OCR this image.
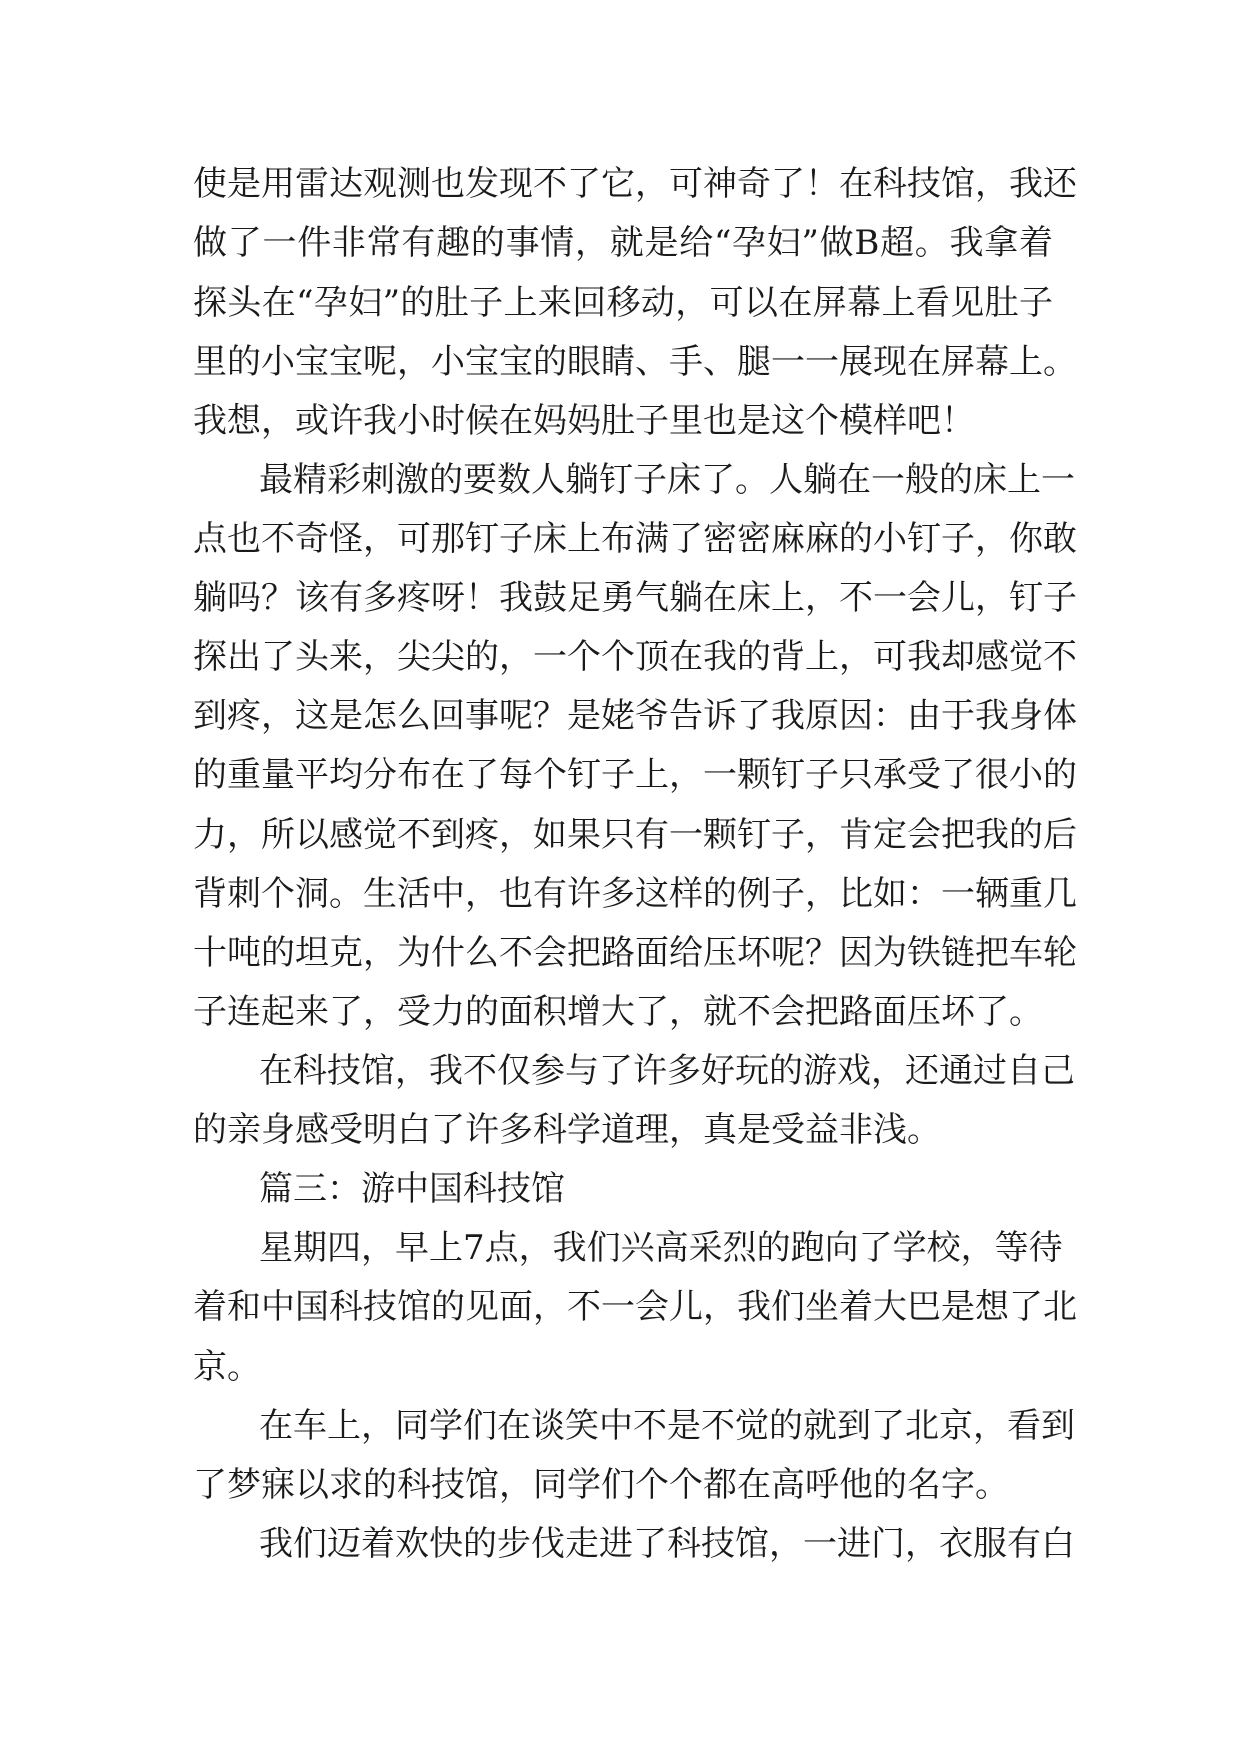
使是用雷达观测也发现不了它，可神奇了！在科技馆，我还
做了一件非常有趣的事情，就是给“孕妇”做B超。我拿着
探头在“孕妇”的肚子上来回移动，可以在屏幕上看见肚子
里的小宝宝呢，小宝宝的眼睛、手、腿一一展现在屏幕上。
我想，或许我小时候在妈妈肚子里也是这个模样吧！
最精彩刺激的要数人躺钉子床了。人躺在一般的床上一
点也不奇怪，可那钉子床上布满了密密麻麻的小钉子，你敢
躺吗？该有多疼呀！我鼓足勇气躺在床上，不一会儿，钉子
探出了头来，尖尖的，一个个顶在我的背上，可我却感觉不
到疼，这是怎么回事呢？是姥爷告诉了我原因：由于我身体
的重量平均分布在了每个钉子上，一颗钉子只承受了很小的
力，所以感觉不到疼，如果只有一颗钉子，肯定会把我的后
背刺个洞。生活中，也有许多这样的例子，比如：一辆重几
十吨的坦克，为什么不会把路面给压坏呢？因为铁链把车轮
子连起来了，受力的面积增大了，就不会把路面压坏了。
在科技馆，我不仅参与了许多好玩的游戏，还通过自己
的亲身感受明白了许多科学道理，真是受益非浅。
篇三：游中国科技馆
星期四，早上7点，我们兴高采烈的跑向了学校，等待
着和中国科技馆的见面，不一会儿，我们坐着大巴是想了北
京。
在车上，同学们在谈笑中不是不觉的就到了北京，看到
了梦寐以求的科技馆，同学们个个都在高呼他的名字。
我们迈着欢快的步伐走进了科技馆，一进门，衣服有白
